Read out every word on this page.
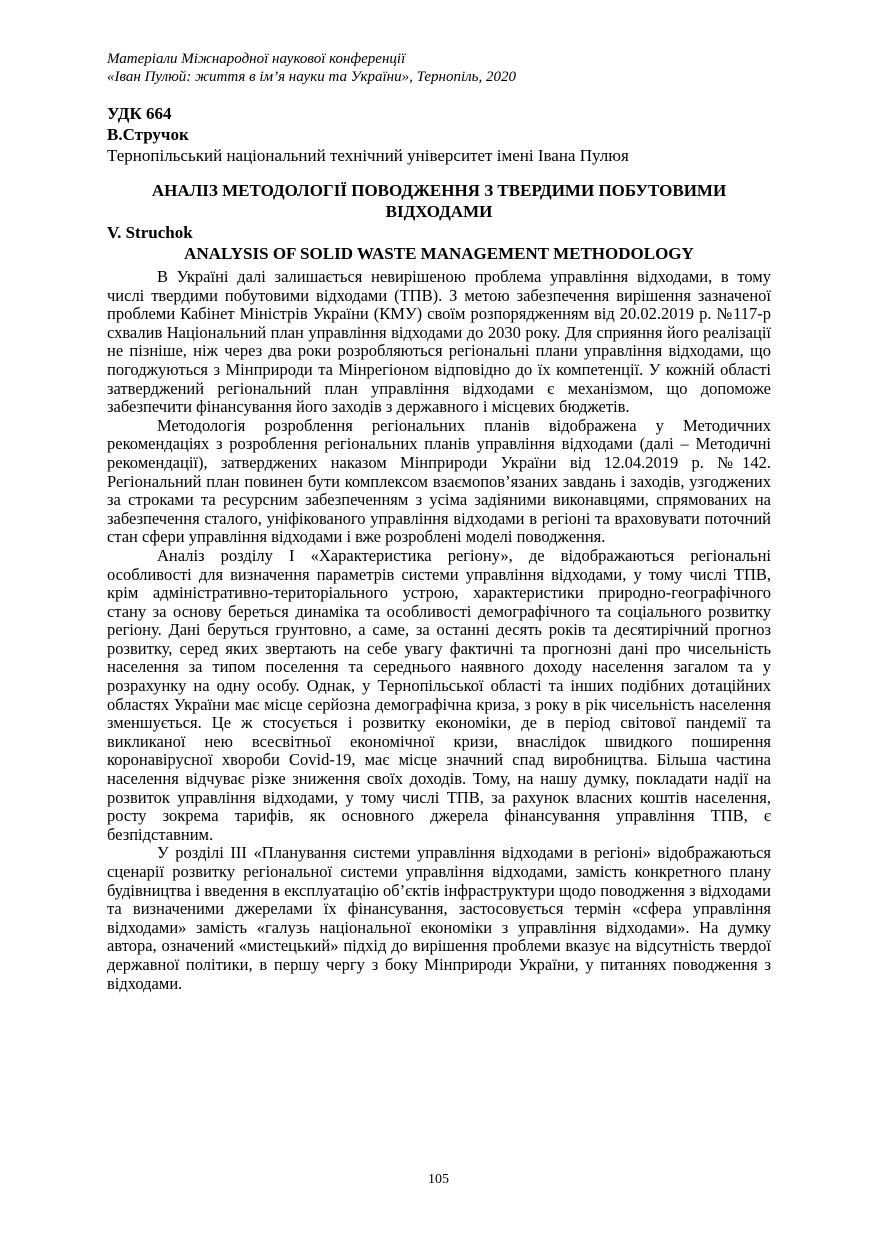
Матеріали Міжнародної наукової конференції
«Іван Пулюй: життя в ім’я науки та України», Тернопіль, 2020
УДК 664
В.Стручок
Тернопільський національний технічний університет імені Івана Пулюя
АНАЛІЗ МЕТОДОЛОГІЇ ПОВОДЖЕННЯ З ТВЕРДИМИ ПОБУТОВИМИ ВІДХОДАМИ
V. Struchok
ANALYSIS OF SOLID WASTE MANAGEMENT METHODOLOGY

В Україні далі залишається невирішеною проблема управління відходами, в тому числі твердими побутовими відходами (ТПВ). З метою забезпечення вирішення зазначеної проблеми Кабінет Міністрів України (КМУ) своїм розпорядженням від 20.02.2019 р. №117-р схвалив Національний план управління відходами до 2030 року. Для сприяння його реалізації не пізніше, ніж через два роки розробляються регіональні плани управління відходами, що погоджуються з Мінприроди та Мінрегіоном відповідно до їх компетенції. У кожній області затверджений регіональний план управління відходами є механізмом, що допоможе забезпечити фінансування його заходів з державного і місцевих бюджетів.

Методологія розроблення регіональних планів відображена у Методичних рекомендаціях з розроблення регіональних планів управління відходами (далі – Методичні рекомендації), затверджених наказом Мінприроди України від 12.04.2019 р. №142. Регіональний план повинен бути комплексом взаємопов’язаних завдань і заходів, узгоджених за строками та ресурсним забезпеченням з усіма задіяними виконавцями, спрямованих на забезпечення сталого, уніфікованого управління відходами в регіоні та враховувати поточний стан сфери управління відходами і вже розроблені моделі поводження.

Аналіз розділу І «Характеристика регіону», де відображаються регіональні особливості для визначення параметрів системи управління відходами, у тому числі ТПВ, крім адміністративно-територіального устрою, характеристики природно-географічного стану за основу береться динаміка та особливості демографічного та соціального розвитку регіону. Дані беруться грунтовно, а саме, за останні десять років та десятирічний прогноз розвитку, серед яких звертають на себе увагу фактичні та прогнозні дані про чисельність населення за типом поселення та середнього наявного доходу населення загалом та у розрахунку на одну особу. Однак, у Тернопільської області та інших подібних дотаційних областях України має місце серйозна демографічна криза, з року в рік чисельність населення зменшується. Це ж стосується і розвитку економіки, де в період світової пандемії та викликаної нею всесвітньої економічної кризи, внаслідок швидкого поширення коронавірусної хвороби Covid-19, має місце значний спад виробництва. Більша частина населення відчуває різке зниження своїх доходів. Тому, на нашу думку, покладати надії на розвиток управління відходами, у тому числі ТПВ, за рахунок власних коштів населення, росту зокрема тарифів, як основного джерела фінансування управління ТПВ, є безпідставним.

У розділі ІІІ «Планування системи управління відходами в регіоні» відображаються сценарії розвитку регіональної системи управління відходами, замість конкретного плану будівництва і введення в експлуатацію об’єктів інфраструктури щодо поводження з відходами та визначеними джерелами їх фінансування, застосовується термін «сфера управління відходами» замість «галузь національної економіки з управління відходами». На думку автора, означений «мистецький» підхід до вирішення проблеми вказує на відсутність твердої державної політики, в першу чергу з боку Мінприроди України, у питаннях поводження з відходами.

105
